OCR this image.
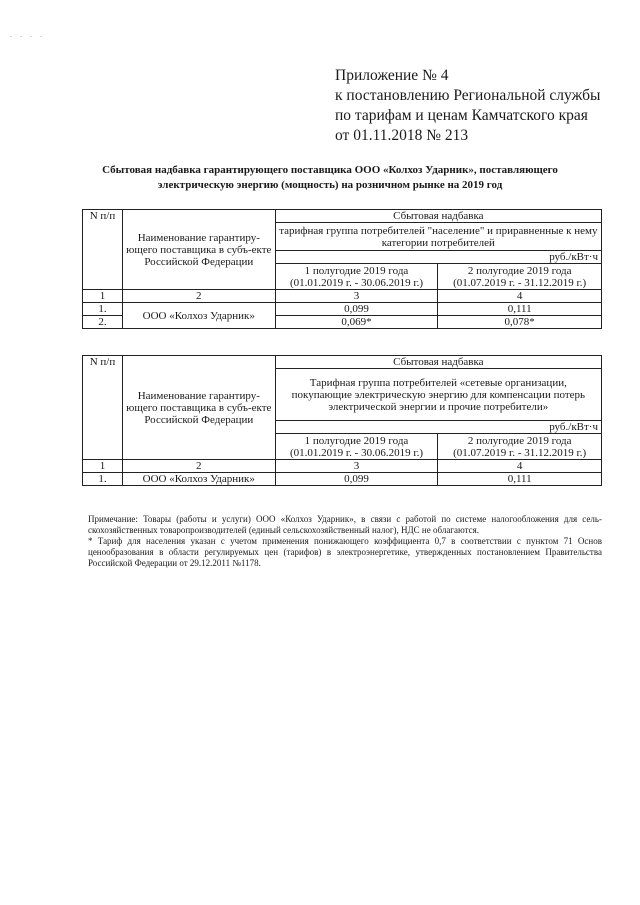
. . . .
Приложение № 4
к постановлению Региональной службы
по тарифам и ценам Камчатского края
от 01.11.2018 № 213
Сбытовая надбавка гарантирующего поставщика ООО «Колхоз Ударник», поставляющего
электрическую энергию (мощность) на розничном рынке на 2019 год
N п/п	Наименование гарантиру-ющего поставщика в субъ-екте Российской Федерации	Сбытовая надбавка	
		тарифная группа потребителей "население" и приравненные к нему категории потребителей	
		руб./кВт·ч	
		1 полугодие 2019 года (01.01.2019 г. - 30.06.2019 г.)	2 полугодие 2019 года (01.07.2019 г. - 31.12.2019 г.)
1	2	3	4
1.	ООО «Колхоз Ударник»	0,099	0,111
2.		0,069*	0,078*
N п/п	Наименование гарантиру-ющего поставщика в субъ-екте Российской Федерации	Сбытовая надбавка	
		Тарифная группа потребителей «сетевые организации, покупающие электрическую энергию для компенсации потерь электрической энергии и прочие потребители»	
		руб./кВт·ч	
		1 полугодие 2019 года (01.01.2019 г. - 30.06.2019 г.)	2 полугодие 2019 года (01.07.2019 г. - 31.12.2019 г.)
1	2	3	4
1.	ООО «Колхоз Ударник»	0,099	0,111

Примечание: Товары (работы и услуги) ООО «Колхоз Ударник», в связи с работой по системе налогообложения для сель-скохозяйственных товаропроизводителей (единый сельскохозяйственный налог), НДС не облагаются.

* Тариф для населения указан с учетом применения понижающего коэффициента 0,7 в соответствии с пунктом 71 Основ ценообразования в области регулируемых цен (тарифов) в электроэнергетике, утвержденных постановлением Правительства Российской Федерации от 29.12.2011 №1178.
